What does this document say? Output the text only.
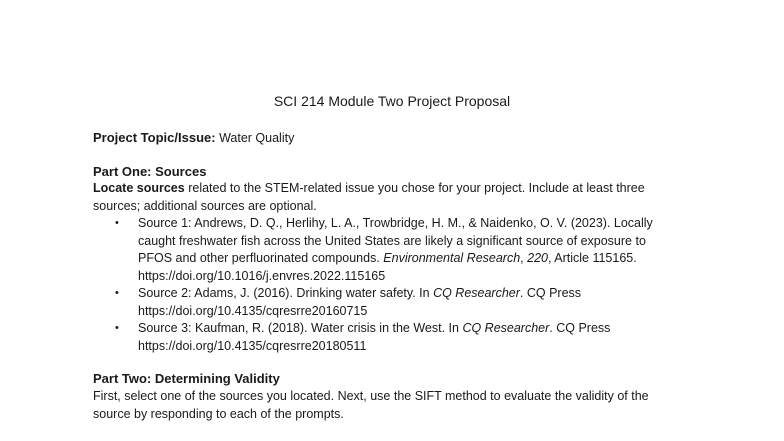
SCI 214 Module Two Project Proposal
Project Topic/Issue: Water Quality
Part One: Sources
Locate sources related to the STEM-related issue you chose for your project. Include at least three sources; additional sources are optional.
• Source 1: Andrews, D. Q., Herlihy, L. A., Trowbridge, H. M., & Naidenko, O. V. (2023). Locally caught freshwater fish across the United States are likely a significant source of exposure to PFOS and other perfluorinated compounds. Environmental Research, 220, Article 115165. https://doi.org/10.1016/j.envres.2022.115165
• Source 2: Adams, J. (2016). Drinking water safety. In CQ Researcher. CQ Press https://doi.org/10.4135/cqresrre20160715
• Source 3: Kaufman, R. (2018). Water crisis in the West. In CQ Researcher. CQ Press https://doi.org/10.4135/cqresrre20180511
Part Two: Determining Validity
First, select one of the sources you located. Next, use the SIFT method to evaluate the validity of the source by responding to each of the prompts.
